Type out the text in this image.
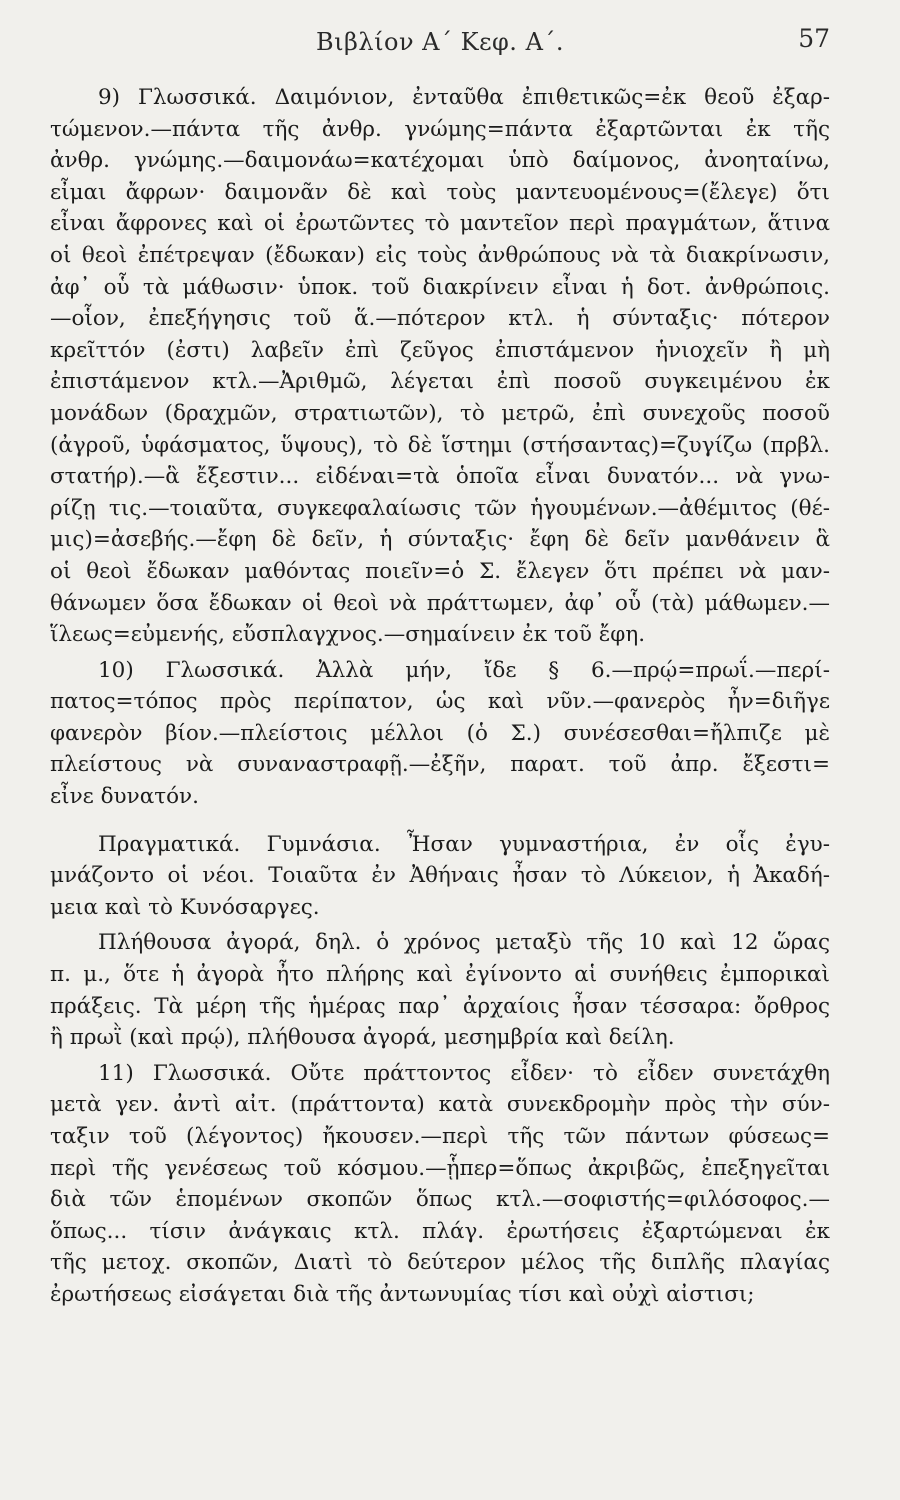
Βιβλίον Α΄ Κεφ. Α΄.	57
9) Γλωσσικά. Δαιμόνιον, ἐνταῦθα ἐπιθετικῶς=ἐκ θεοῦ ἐξαρ-
τώμενον.—πάντα τῆς ἀνθρ. γνώμης=πάντα ἐξαρτῶνται ἐκ τῆς
ἀνθρ. γνώμης.—δαιμονάω=κατέχομαι ὑπὸ δαίμονος, ἀνοηταίνω,
εἶμαι ἄφρων· δαιμονᾶν δὲ καὶ τοὺς μαντευομένους=(ἔλεγε) ὅτι
εἶναι ἄφρονες καὶ οἱ ἐρωτῶντες τὸ μαντεῖον περὶ πραγμάτων, ἅτινα
οἱ θεοὶ ἐπέτρεψαν (ἔδωκαν) εἰς τοὺς ἀνθρώπους νὰ τὰ διακρίνωσιν,
ἀφ᾽ οὗ τὰ μάθωσιν· ὑποκ. τοῦ διακρίνειν εἶναι ἡ δοτ. ἀνθρώποις.
—οἷον, ἐπεξήγησις τοῦ ἅ.—πότερον κτλ. ἡ σύνταξις· πότερον
κρεῖττόν (ἐστι) λαβεῖν ἐπὶ ζεῦγος ἐπιστάμενον ἡνιοχεῖν ἢ μὴ
ἐπιστάμενον κτλ.—Ἀριθμῶ, λέγεται ἐπὶ ποσοῦ συγκειμένου ἐκ
μονάδων (δραχμῶν, στρατιωτῶν), τὸ μετρῶ, ἐπὶ συνεχοῦς ποσοῦ
(ἀγροῦ, ὑφάσματος, ὕψους), τὸ δὲ ἵστημι (στήσαντας)=ζυγίζω (πρβλ.
στατήρ).—ἃ ἔξεστιν... εἰδέναι=τὰ ὁποῖα εἶναι δυνατόν... νὰ γνω-
ρίζῃ τις.—τοιαῦτα, συγκεφαλαίωσις τῶν ἡγουμένων.—ἀθέμιτος (θέ-
μις)=ἀσεβής.—ἔφη δὲ δεῖν, ἡ σύνταξις· ἔφη δὲ δεῖν μανθάνειν ἃ
οἱ θεοὶ ἔδωκαν μαθόντας ποιεῖν=ὁ Σ. ἔλεγεν ὅτι πρέπει νὰ μαν-
θάνωμεν ὅσα ἔδωκαν οἱ θεοὶ νὰ πράττωμεν, ἀφ᾽ οὗ (τὰ) μάθωμεν.—
ἵλεως=εὐμενής, εὔσπλαγχνος.—σημαίνειν ἐκ τοῦ ἔφη.
10) Γλωσσικά. Ἀλλὰ μήν, ἴδε § 6.—πρῴ=πρωΐ.—περί-
πατος=τόπος πρὸς περίπατον, ὡς καὶ νῦν.—φανερὸς ἦν=διῆγε
φανερὸν βίον.—πλείστοις μέλλοι (ὁ Σ.) συνέσεσθαι=ἤλπιζε μὲ
πλείστους νὰ συναναστραφῇ.—ἐξῆν, παρατ. τοῦ ἀπρ. ἔξεστι=
εἶνε δυνατόν.
Πραγματικά. Γυμνάσια. Ἦσαν γυμναστήρια, ἐν οἷς ἐγυ-
μνάζοντο οἱ νέοι. Τοιαῦτα ἐν Ἀθήναις ἦσαν τὸ Λύκειον, ἡ Ἀκαδή-
μεια καὶ τὸ Κυνόσαργες.
Πλήθουσα ἀγορά, δηλ. ὁ χρόνος μεταξὺ τῆς 10 καὶ 12 ὥρας
π. μ., ὅτε ἡ ἀγορὰ ἦτο πλήρης καὶ ἐγίνοντο αἱ συνήθεις ἐμπορικαὶ
πράξεις. Τὰ μέρη τῆς ἡμέρας παρ᾽ ἀρχαίοις ἦσαν τέσσαρα: ὄρθρος
ἢ πρωῒ (καὶ πρῴ), πλήθουσα ἀγορά, μεσημβρία καὶ δείλη.
11) Γλωσσικά. Οὔτε πράττοντος εἶδεν· τὸ εἶδεν συνετάχθη
μετὰ γεν. ἀντὶ αἰτ. (πράττοντα) κατὰ συνεκδρομὴν πρὸς τὴν σύν-
ταξιν τοῦ (λέγοντος) ἤκουσεν.—περὶ τῆς τῶν πάντων φύσεως=
περὶ τῆς γενέσεως τοῦ κόσμου.—ᾗπερ=ὅπως ἀκριβῶς, ἐπεξηγεῖται
διὰ τῶν ἑπομένων σκοπῶν ὅπως κτλ.—σοφιστής=φιλόσοφος.—
ὅπως... τίσιν ἀνάγκαις κτλ. πλάγ. ἐρωτήσεις ἐξαρτώμεναι ἐκ
τῆς μετοχ. σκοπῶν, Διατὶ τὸ δεύτερον μέλος τῆς διπλῆς πλαγίας
ἐρωτήσεως εἰσάγεται διὰ τῆς ἀντωνυμίας τίσι καὶ οὐχὶ αἰστισι;
